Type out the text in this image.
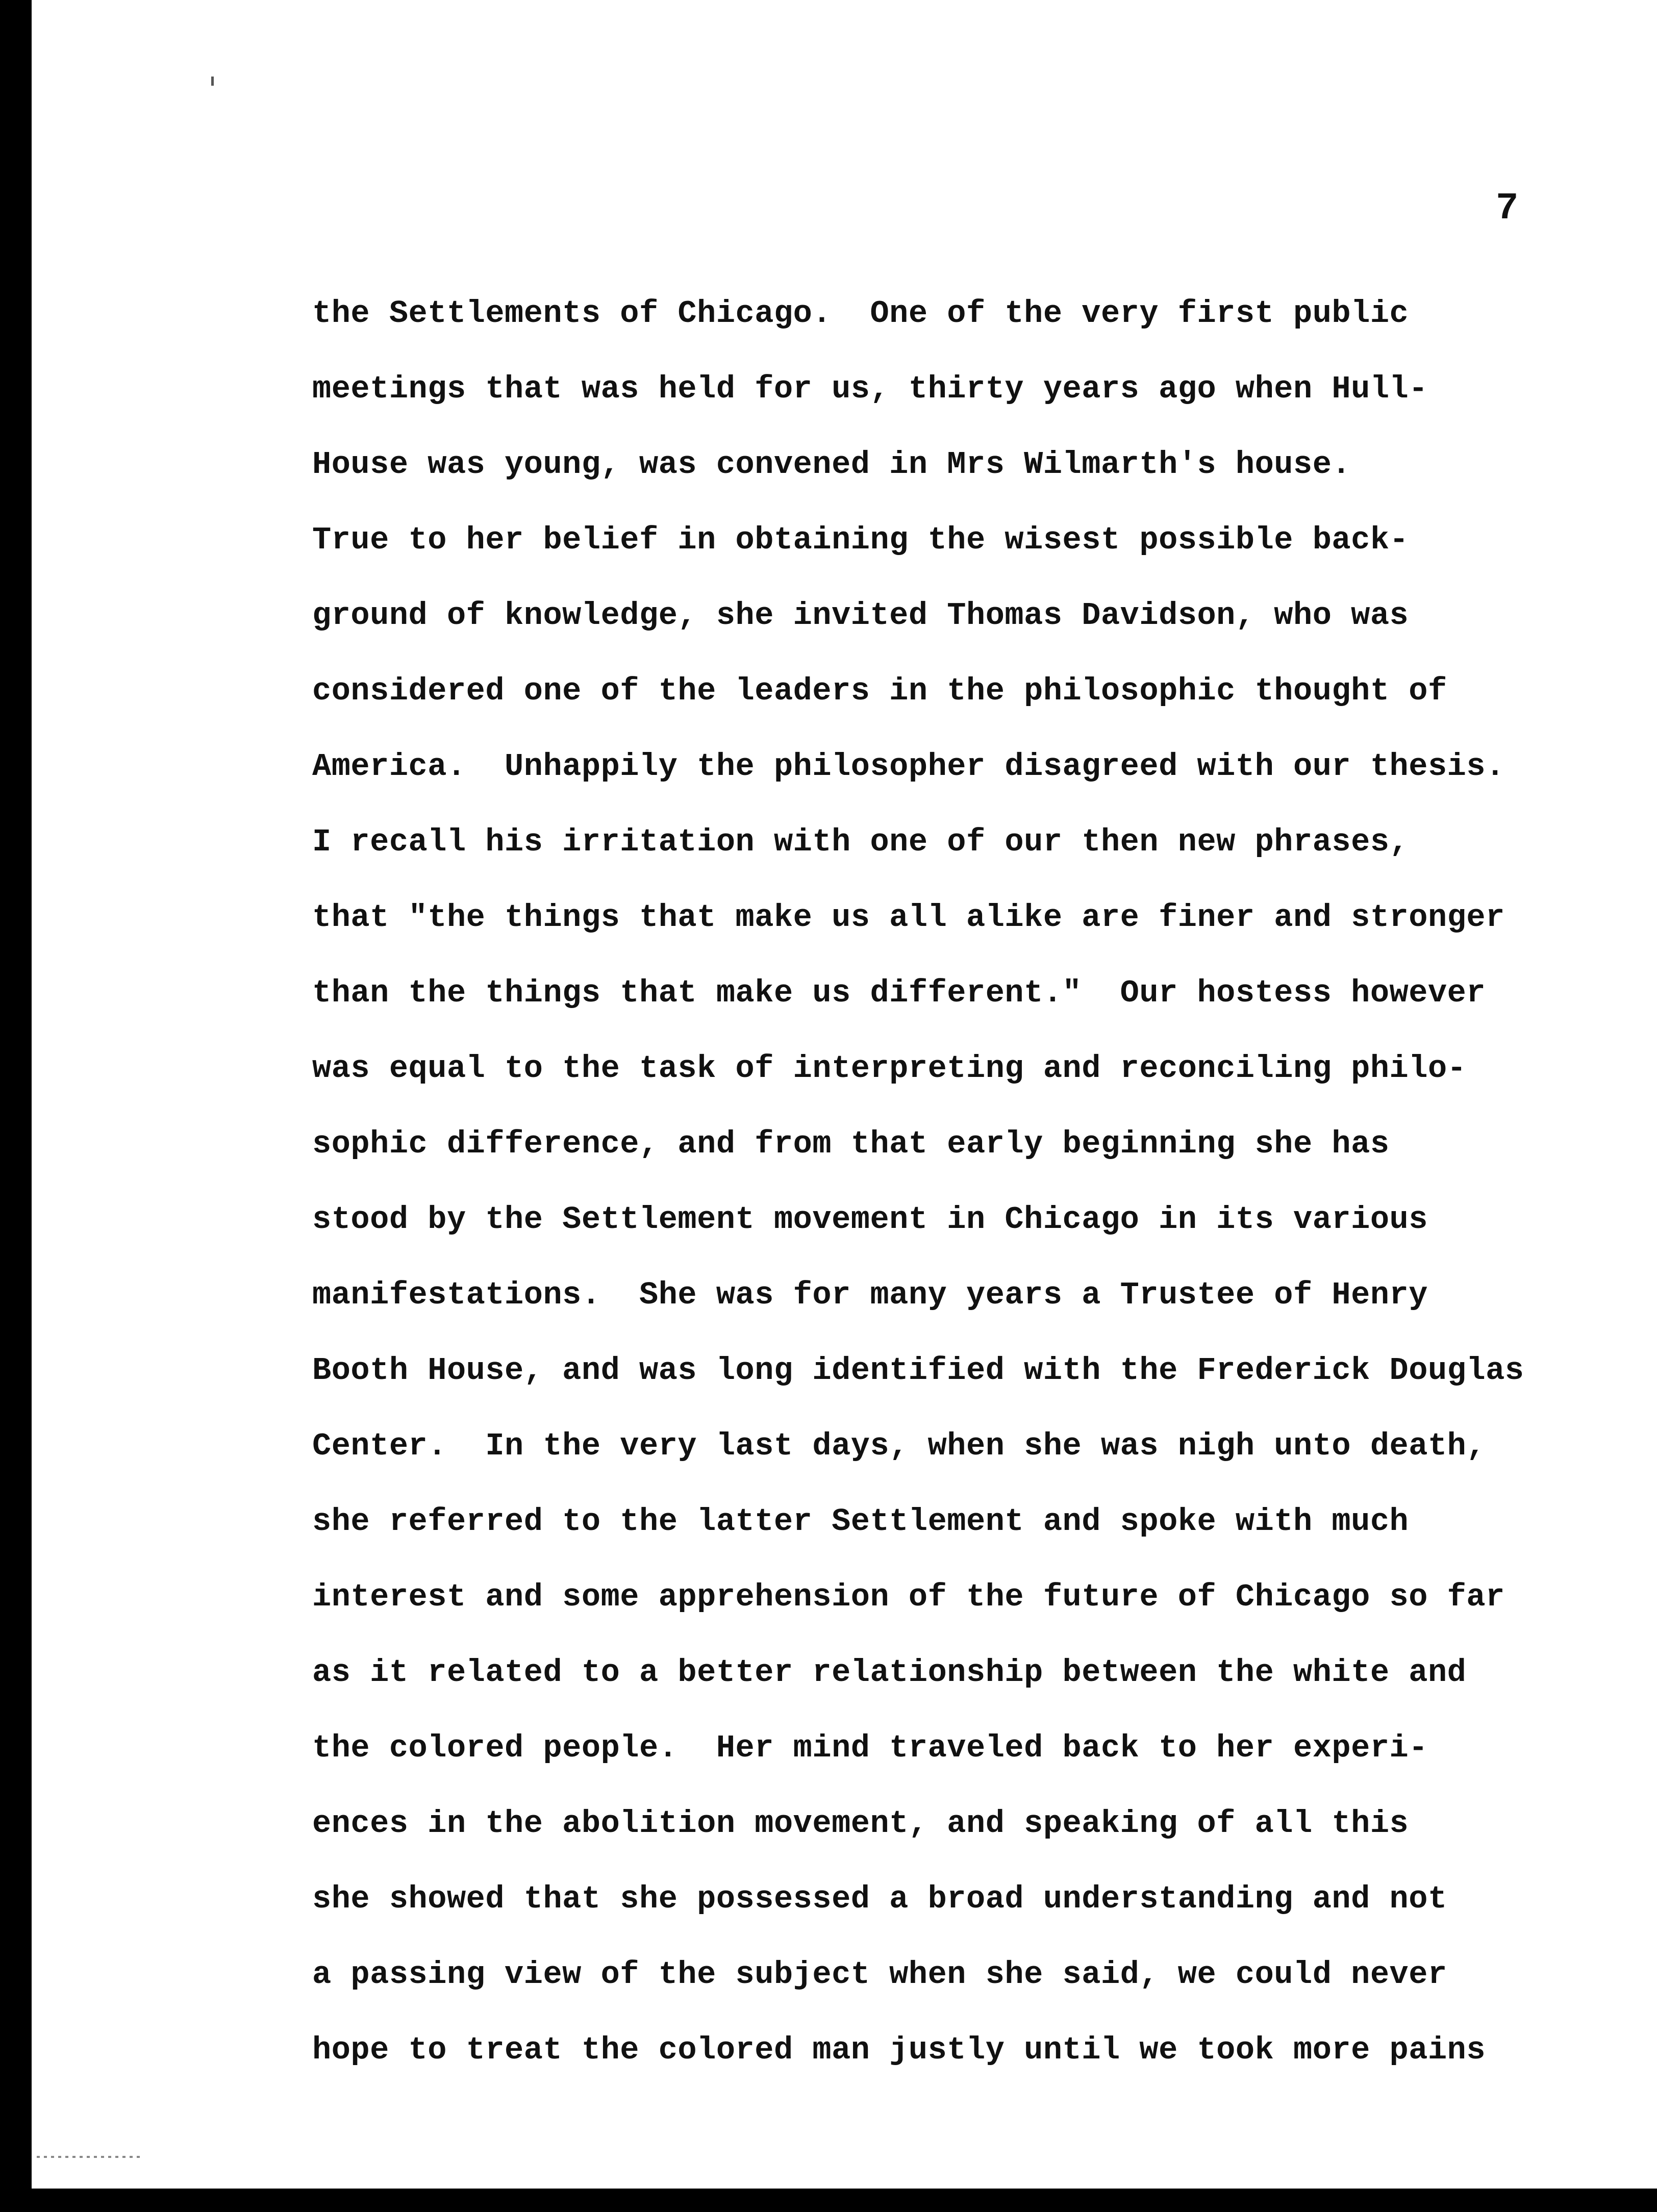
7
the Settlements of Chicago.  One of the very first public
meetings that was held for us, thirty years ago when Hull-
House was young, was convened in Mrs Wilmarth's house.
True to her belief in obtaining the wisest possible back-
ground of knowledge, she invited Thomas Davidson, who was
considered one of the leaders in the philosophic thought of
America.  Unhappily the philosopher disagreed with our thesis.
I recall his irritation with one of our then new phrases,
that "the things that make us all alike are finer and stronger
than the things that make us different."  Our hostess however
was equal to the task of interpreting and reconciling philo-
sophic difference, and from that early beginning she has
stood by the Settlement movement in Chicago in its various
manifestations.  She was for many years a Trustee of Henry
Booth House, and was long identified with the Frederick Douglas
Center.  In the very last days, when she was nigh unto death,
she referred to the latter Settlement and spoke with much
interest and some apprehension of the future of Chicago so far
as it related to a better relationship between the white and
the colored people.  Her mind traveled back to her experi-
ences in the abolition movement, and speaking of all this
she showed that she possessed a broad understanding and not
a passing view of the subject when she said, we could never
hope to treat the colored man justly until we took more pains
